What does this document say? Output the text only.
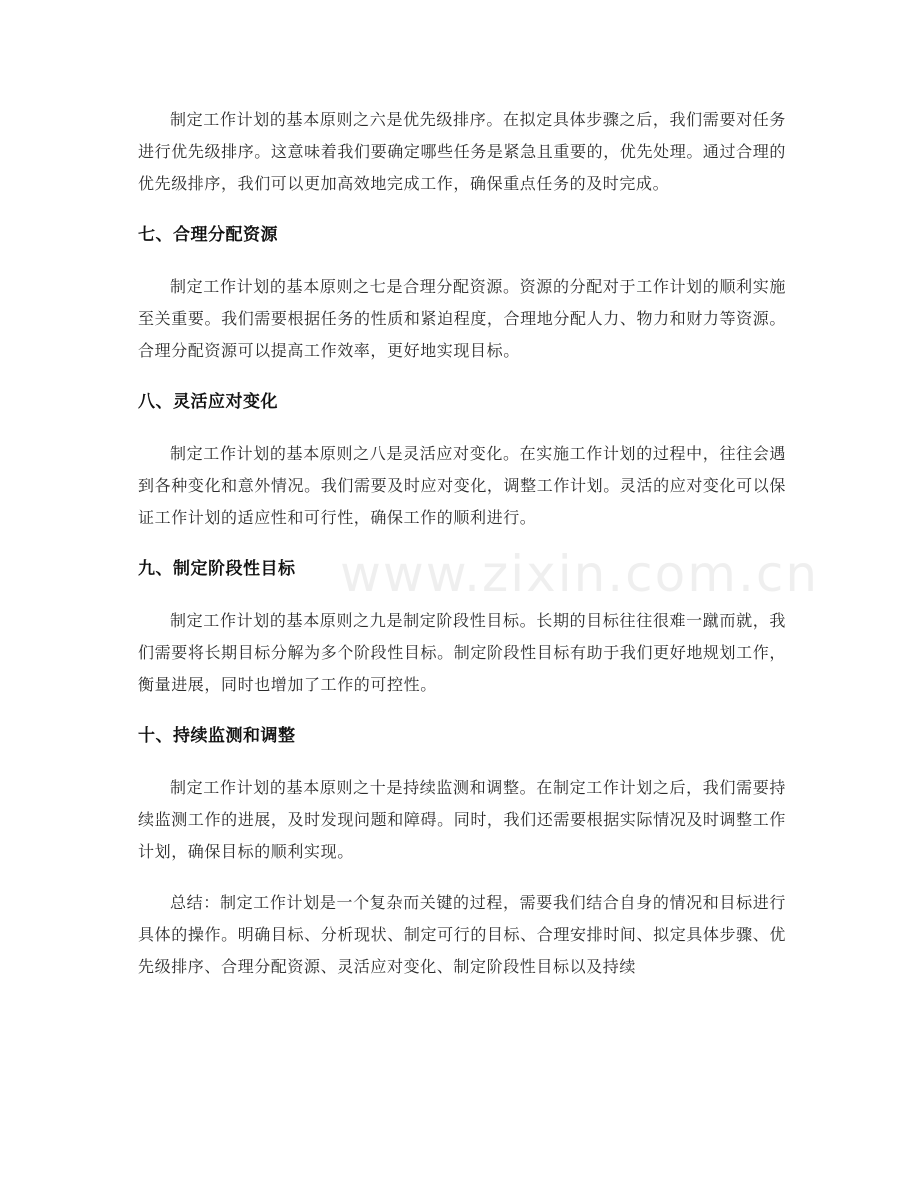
www.zixin.com.cn

制定工作计划的基本原则之六是优先级排序。在拟定具体步骤之后，我们需要对任务进行优先级排序。这意味着我们要确定哪些任务是紧急且重要的，优先处理。通过合理的优先级排序，我们可以更加高效地完成工作，确保重点任务的及时完成。

七、合理分配资源

制定工作计划的基本原则之七是合理分配资源。资源的分配对于工作计划的顺利实施至关重要。我们需要根据任务的性质和紧迫程度，合理地分配人力、物力和财力等资源。合理分配资源可以提高工作效率，更好地实现目标。

八、灵活应对变化

制定工作计划的基本原则之八是灵活应对变化。在实施工作计划的过程中，往往会遇到各种变化和意外情况。我们需要及时应对变化，调整工作计划。灵活的应对变化可以保证工作计划的适应性和可行性，确保工作的顺利进行。

九、制定阶段性目标

制定工作计划的基本原则之九是制定阶段性目标。长期的目标往往很难一蹴而就，我们需要将长期目标分解为多个阶段性目标。制定阶段性目标有助于我们更好地规划工作，衡量进展，同时也增加了工作的可控性。

十、持续监测和调整

制定工作计划的基本原则之十是持续监测和调整。在制定工作计划之后，我们需要持续监测工作的进展，及时发现问题和障碍。同时，我们还需要根据实际情况及时调整工作计划，确保目标的顺利实现。

总结：制定工作计划是一个复杂而关键的过程，需要我们结合自身的情况和目标进行具体的操作。明确目标、分析现状、制定可行的目标、合理安排时间、拟定具体步骤、优先级排序、合理分配资源、灵活应对变化、制定阶段性目标以及持续
